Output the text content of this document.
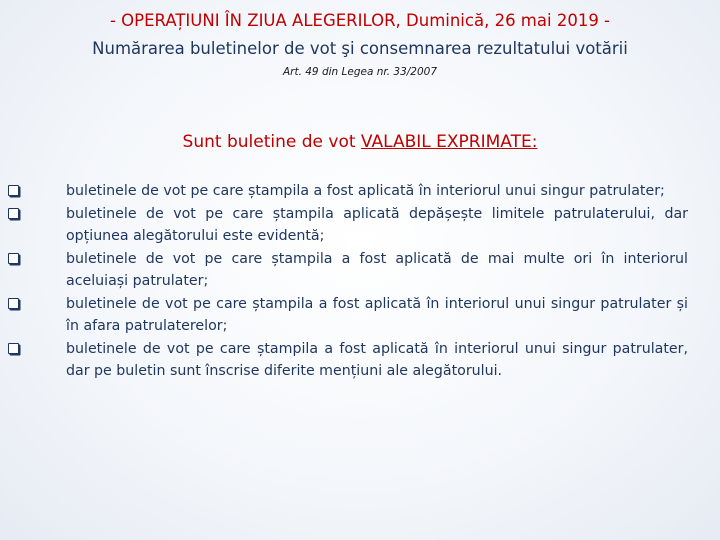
- OPERAȚIUNI ÎN ZIUA ALEGERILOR, Duminică, 26 mai 2019 -
Numărarea buletinelor de vot şi consemnarea rezultatului votării
Art. 49 din Legea nr. 33/2007
Sunt buletine de vot VALABIL EXPRIMATE:
buletinele de vot pe care ștampila a fost aplicată în interiorul unui singur patrulater;
buletinele de vot pe care ștampila aplicată depășește limitele patrulaterului, dar opțiunea alegătorului este evidentă;
buletinele de vot pe care ștampila a fost aplicată de mai multe ori în interiorul aceluiași patrulater;
buletinele de vot pe care ștampila a fost aplicată în interiorul unui singur patrulater și în afara patrulaterelor;
buletinele de vot pe care ștampila a fost aplicată în interiorul unui singur patrulater, dar pe buletin sunt înscrise diferite mențiuni ale alegătorului.
